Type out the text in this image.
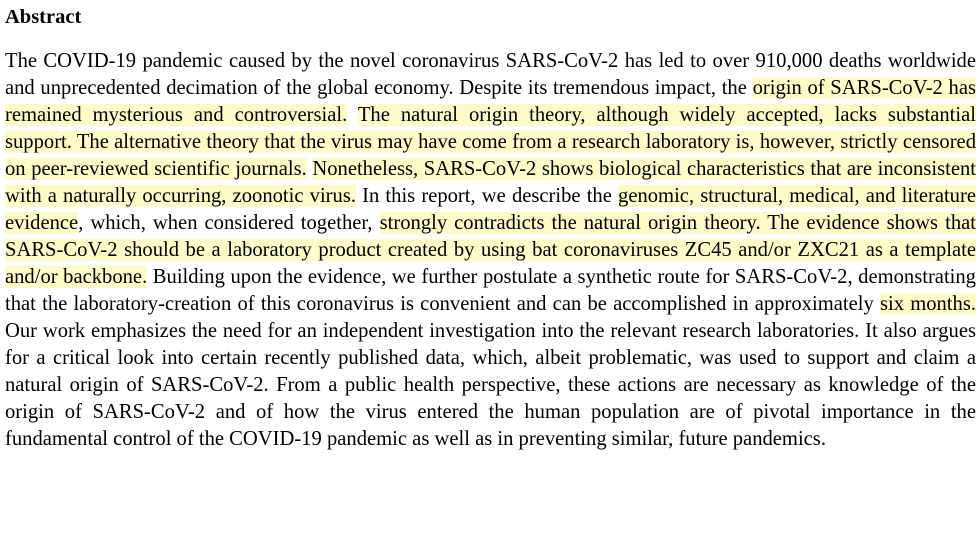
Abstract

The COVID-19 pandemic caused by the novel coronavirus SARS-CoV-2 has led to over 910,000 deaths worldwide and unprecedented decimation of the global economy. Despite its tremendous impact, the origin of SARS-CoV-2 has remained mysterious and controversial. The natural origin theory, although widely accepted, lacks substantial support. The alternative theory that the virus may have come from a research laboratory is, however, strictly censored on peer-reviewed scientific journals. Nonetheless, SARS-CoV-2 shows biological characteristics that are inconsistent with a naturally occurring, zoonotic virus. In this report, we describe the genomic, structural, medical, and literature evidence, which, when considered together, strongly contradicts the natural origin theory. The evidence shows that SARS-CoV-2 should be a laboratory product created by using bat coronaviruses ZC45 and/or ZXC21 as a template and/or backbone. Building upon the evidence, we further postulate a synthetic route for SARS-CoV-2, demonstrating that the laboratory-creation of this coronavirus is convenient and can be accomplished in approximately six months. Our work emphasizes the need for an independent investigation into the relevant research laboratories. It also argues for a critical look into certain recently published data, which, albeit problematic, was used to support and claim a natural origin of SARS-CoV-2. From a public health perspective, these actions are necessary as knowledge of the origin of SARS-CoV-2 and of how the virus entered the human population are of pivotal importance in the fundamental control of the COVID-19 pandemic as well as in preventing similar, future pandemics.
